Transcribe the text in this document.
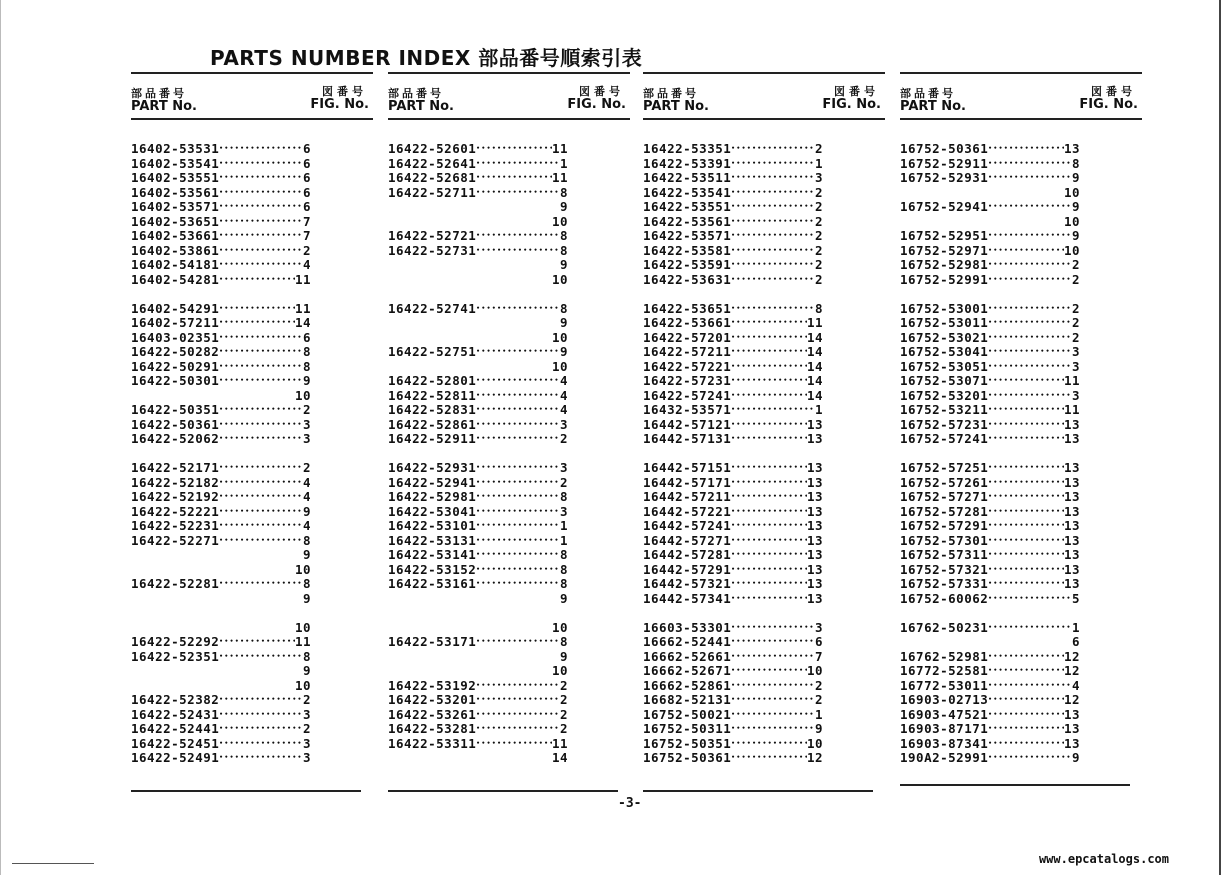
PARTS NUMBER INDEX 部品番号順索引表
部品番号
PART No.
図番号
FIG. No.
16402-53531 • • •	6
16402-53541 • • •	6
16402-53551 • • •	6
16402-53561 • • •	6
16402-53571 • • •	6
16402-53651 • • •	7
16402-53661 • • •	7
16402-53861 • • •	2
16402-54181 • • •	4
16402-54281 • • •	11
16402-54291 • • •	11
16402-57211 • • •	14
16403-02351 • • •	6
16422-50282 • • •	8
16422-50291 • • •	8
16422-50301 • • •	9
10
16422-50351 • • •	2
16422-50361 • • •	3
16422-52062 • • •	3
16422-52171 • • •	2
16422-52182 • • •	4
16422-52192 • • •	4
16422-52221 • • •	9
16422-52231 • • •	4
16422-52271 • • •	8
9
10
16422-52281 • • •	8
9
10
16422-52292 • • •	11
16422-52351 • • •	8
9
10
16422-52382 • • •	2
16422-52431 • • •	3
16422-52441 • • •	2
16422-52451 • • •	3
16422-52491 • • •	3
部品番号
PART No.
図番号
FIG. No.
16422-52601 • • •	11
16422-52641 • • •	1
16422-52681 • • •	11
16422-52711 • • •	8
9
10
16422-52721 • • •	8
16422-52731 • • •	8
9
10
16422-52741 • • •	8
9
10
16422-52751 • • •	9
10
16422-52801 • • •	4
16422-52811 • • •	4
16422-52831 • • •	4
16422-52861 • • •	3
16422-52911 • • •	2
16422-52931 • • •	3
16422-52941 • • •	2
16422-52981 • • •	8
16422-53041 • • •	3
16422-53101 • • •	1
16422-53131 • • •	1
16422-53141 • • •	8
16422-53152 • • •	8
16422-53161 • • •	8
9
10
16422-53171 • • •	8
9
10
16422-53192 • • •	2
16422-53201 • • •	2
16422-53261 • • •	2
16422-53281 • • •	2
16422-53311 • • •	11
14
部品番号
PART No.
図番号
FIG. No.
16422-53351 • • •	2
16422-53391 • • •	1
16422-53511 • • •	3
16422-53541 • • •	2
16422-53551 • • •	2
16422-53561 • • •	2
16422-53571 • • •	2
16422-53581 • • •	2
16422-53591 • • •	2
16422-53631 • • •	2
16422-53651 • • •	8
16422-53661 • • •	11
16422-57201 • • •	14
16422-57211 • • •	14
16422-57221 • • •	14
16422-57231 • • •	14
16422-57241 • • •	14
16432-53571 • • •	1
16442-57121 • • •	13
16442-57131 • • •	13
16442-57151 • • •	13
16442-57171 • • •	13
16442-57211 • • •	13
16442-57221 • • •	13
16442-57241 • • •	13
16442-57271 • • •	13
16442-57281 • • •	13
16442-57291 • • •	13
16442-57321 • • •	13
16442-57341 • • •	13
16603-53301 • • •	3
16662-52441 • • •	6
16662-52661 • • •	7
16662-52671 • • •	10
16662-52861 • • •	2
16682-52131 • • •	2
16752-50021 • • •	1
16752-50311 • • •	9
16752-50351 • • •	10
16752-50361 • • •	12
部品番号
PART No.
図番号
FIG. No.
16752-50361 • • •	13
16752-52911 • • •	8
16752-52931 • • •	9
10
16752-52941 • • •	9
10
16752-52951 • • •	9
16752-52971 • • •	10
16752-52981 • • •	2
16752-52991 • • •	2
16752-53001 • • •	2
16752-53011 • • •	2
16752-53021 • • •	2
16752-53041 • • •	3
16752-53051 • • •	3
16752-53071 • • •	11
16752-53201 • • •	3
16752-53211 • • •	11
16752-57231 • • •	13
16752-57241 • • •	13
16752-57251 • • •	13
16752-57261 • • •	13
16752-57271 • • •	13
16752-57281 • • •	13
16752-57291 • • •	13
16752-57301 • • •	13
16752-57311 • • •	13
16752-57321 • • •	13
16752-57331 • • •	13
16752-60062 • • •	5
16762-50231 • • •	1
6
16762-52981 • • •	12
16772-52581 • • •	12
16772-53011 • • •	4
16903-02713 • • •	12
16903-47521 • • •	13
16903-87171 • • •	13
16903-87341 • • •	13
190A2-52991 • • •	9
-3-
www.epcatalogs.com
